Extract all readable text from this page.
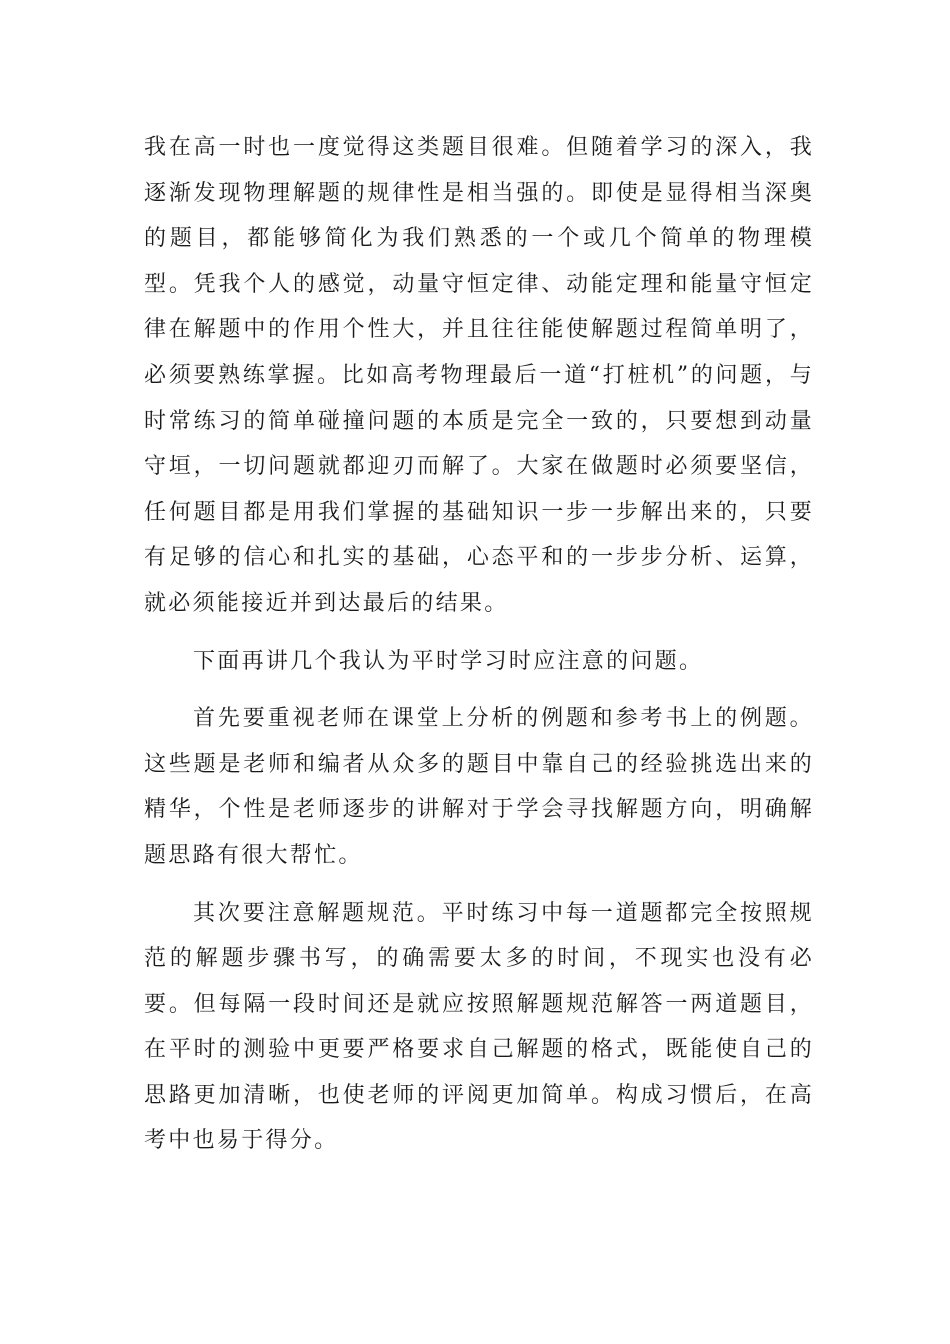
我在高一时也一度觉得这类题目很难。但随着学习的深入，我逐渐发现物理解题的规律性是相当强的。即使是显得相当深奥的题目，都能够简化为我们熟悉的一个或几个简单的物理模型。凭我个人的感觉，动量守恒定律、动能定理和能量守恒定律在解题中的作用个性大，并且往往能使解题过程简单明了，必须要熟练掌握。比如高考物理最后一道“打桩机”的问题，与时常练习的简单碰撞问题的本质是完全一致的，只要想到动量守垣，一切问题就都迎刃而解了。大家在做题时必须要坚信，任何题目都是用我们掌握的基础知识一步一步解出来的，只要有足够的信心和扎实的基础，心态平和的一步步分析、运算，就必须能接近并到达最后的结果。

下面再讲几个我认为平时学习时应注意的问题。

首先要重视老师在课堂上分析的例题和参考书上的例题。这些题是老师和编者从众多的题目中靠自己的经验挑选出来的精华，个性是老师逐步的讲解对于学会寻找解题方向，明确解题思路有很大帮忙。

其次要注意解题规范。平时练习中每一道题都完全按照规范的解题步骤书写，的确需要太多的时间，不现实也没有必要。但每隔一段时间还是就应按照解题规范解答一两道题目，在平时的测验中更要严格要求自己解题的格式，既能使自己的思路更加清晰，也使老师的评阅更加简单。构成习惯后，在高考中也易于得分。
